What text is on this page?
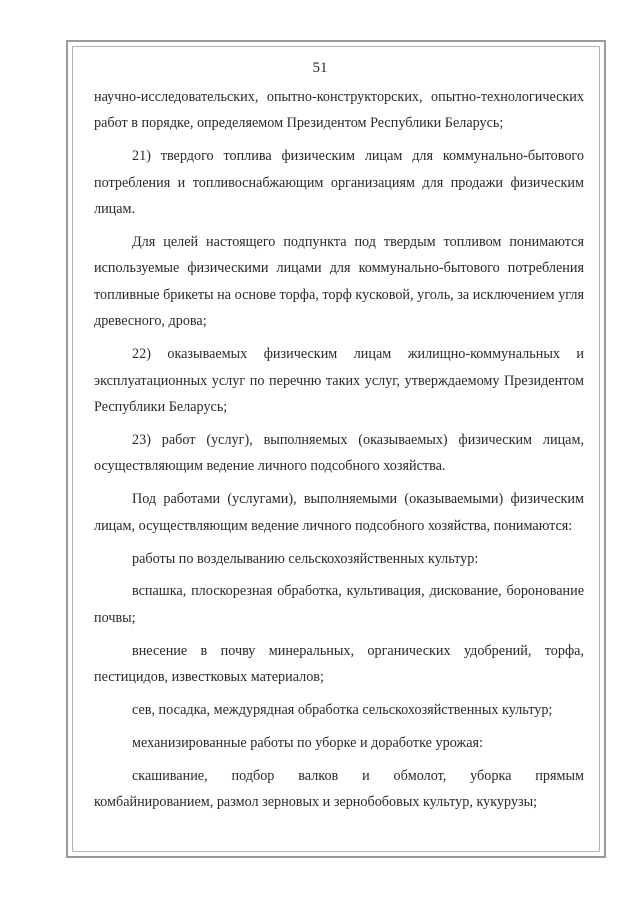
51

научно-исследовательских, опытно-конструкторских, опытно-технологических работ в порядке, определяемом Президентом Республики Беларусь;

21) твердого топлива физическим лицам для коммунально-бытового потребления и топливоснабжающим организациям для продажи физическим лицам.

Для целей настоящего подпункта под твердым топливом понимаются используемые физическими лицами для коммунально-бытового потребления топливные брикеты на основе торфа, торф кусковой, уголь, за исключением угля древесного, дрова;

22) оказываемых физическим лицам жилищно-коммунальных и эксплуатационных услуг по перечню таких услуг, утверждаемому Президентом Республики Беларусь;

23) работ (услуг), выполняемых (оказываемых) физическим лицам, осуществляющим ведение личного подсобного хозяйства.

Под работами (услугами), выполняемыми (оказываемыми) физическим лицам, осуществляющим ведение личного подсобного хозяйства, понимаются:

работы по возделыванию сельскохозяйственных культур:

вспашка, плоскорезная обработка, культивация, дискование, боронование почвы;

внесение в почву минеральных, органических удобрений, торфа, пестицидов, известковых материалов;

сев, посадка, междурядная обработка сельскохозяйственных культур;

механизированные работы по уборке и доработке урожая:

скашивание, подбор валков и обмолот, уборка прямым комбайнированием, размол зерновых и зернобобовых культур, кукурузы;
